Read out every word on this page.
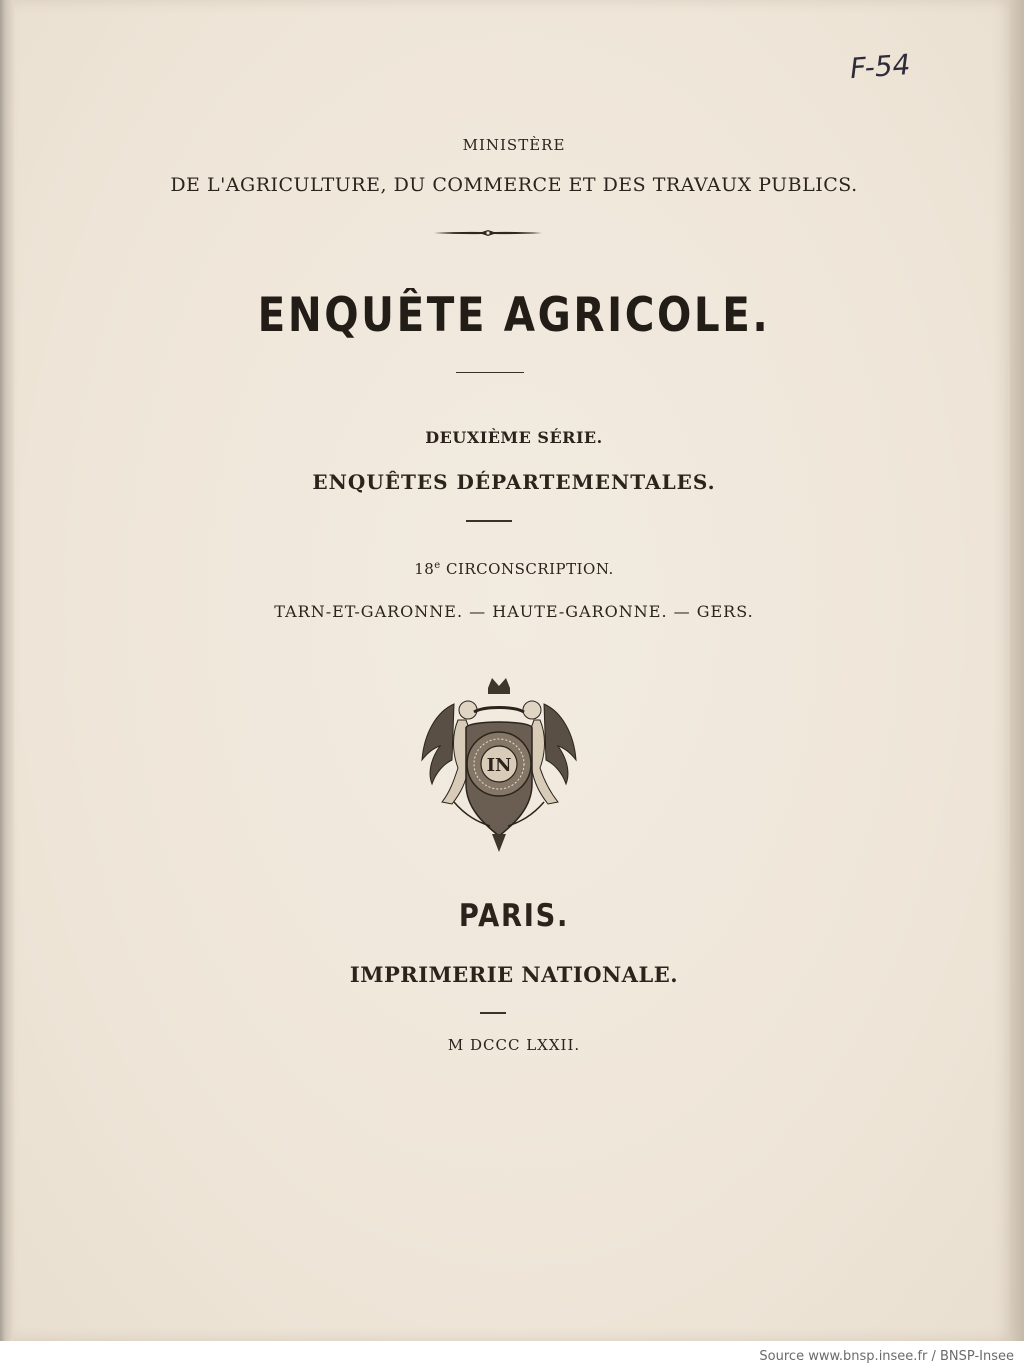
F-54

MINISTÈRE

DE L'AGRICULTURE, DU COMMERCE ET DES TRAVAUX PUBLICS.

ENQUÊTE AGRICOLE.

DEUXIÈME SÉRIE.

ENQUÊTES DÉPARTEMENTALES.

18e CIRCONSCRIPTION.

TARN-ET-GARONNE. — HAUTE-GARONNE. — GERS.

IN

PARIS.

IMPRIMERIE NATIONALE.

M DCCC LXXII.

Source www.bnsp.insee.fr / BNSP-Insee
